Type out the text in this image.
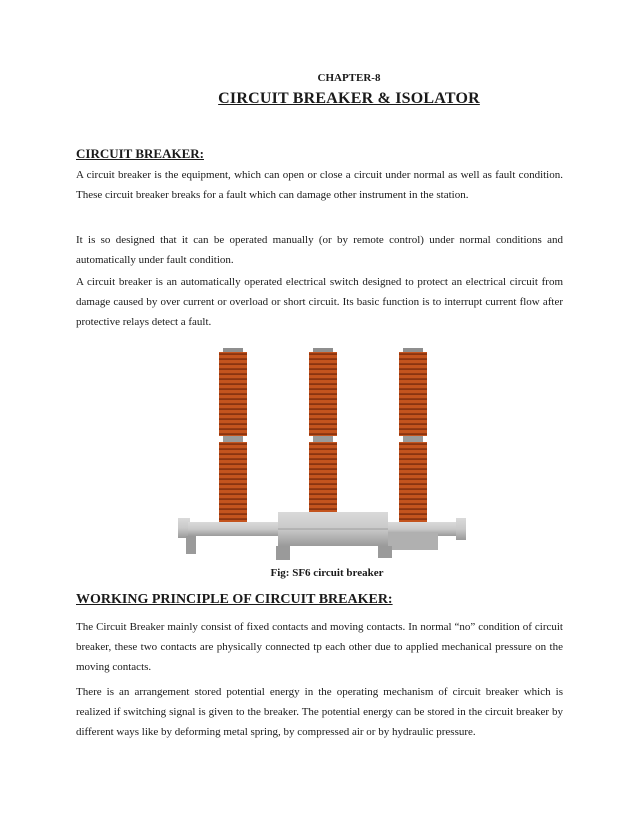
CHAPTER-8
CIRCUIT BREAKER & ISOLATOR
CIRCUIT BREAKER:

A circuit breaker is the equipment, which can open or close a circuit under normal as well as fault condition. These circuit breaker breaks for a fault which can damage other instrument in the station.

It is so designed that it can be operated manually (or by remote control) under normal conditions and automatically under fault condition.

A circuit breaker is an automatically operated electrical switch designed to protect an electrical circuit from damage caused by over current or overload or short circuit. Its basic function is to interrupt current flow after protective relays detect a fault.

Fig: SF6 circuit breaker
WORKING PRINCIPLE OF CIRCUIT BREAKER:

The Circuit Breaker mainly consist of fixed contacts and moving contacts. In normal “no” condition of circuit breaker, these two contacts are physically connected tp each other due to applied mechanical pressure on the moving contacts.

There is an arrangement stored potential energy in the operating mechanism of circuit breaker which is realized if switching signal is given to the breaker. The potential energy can be stored in the circuit breaker by different ways like by deforming metal spring, by compressed air or by hydraulic pressure.
